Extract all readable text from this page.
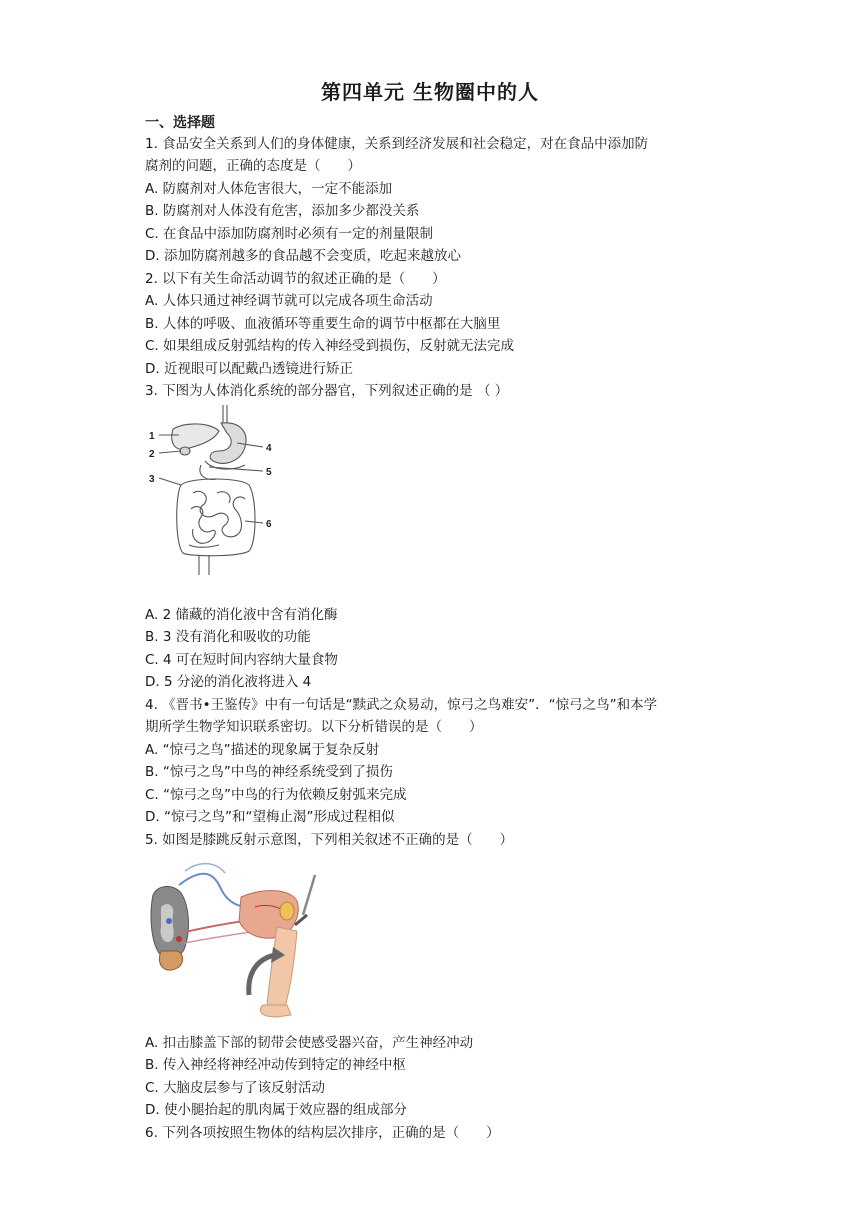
第四单元 生物圈中的人
一、选择题
1. 食品安全关系到人们的身体健康，关系到经济发展和社会稳定，对在食品中添加防
腐剂的问题，正确的态度是（　　）
A. 防腐剂对人体危害很大，一定不能添加
B. 防腐剂对人体没有危害，添加多少都没关系
C. 在食品中添加防腐剂时必须有一定的剂量限制
D. 添加防腐剂越多的食品越不会变质，吃起来越放心
2. 以下有关生命活动调节的叙述正确的是（　　）
A. 人体只通过神经调节就可以完成各项生命活动
B. 人体的呼吸、血液循环等重要生命的调节中枢都在大脑里
C. 如果组成反射弧结构的传入神经受到损伤，反射就无法完成
D. 近视眼可以配戴凸透镜进行矫正
3. 下图为人体消化系统的部分器官，下列叙述正确的是 （ ）
1
2
3
4
5
6
A. 2 储藏的消化液中含有消化酶
B. 3 没有消化和吸收的功能
C. 4 可在短时间内容纳大量食物
D. 5 分泌的消化液将进入 4
4. 《晋书•王鉴传》中有一句话是“黩武之众易动，惊弓之鸟难安”．“惊弓之鸟”和本学
期所学生物学知识联系密切。以下分析错误的是（　　）
A. “惊弓之鸟”描述的现象属于复杂反射
B. “惊弓之鸟”中鸟的神经系统受到了损伤
C. “惊弓之鸟”中鸟的行为依赖反射弧来完成
D. “惊弓之鸟”和“望梅止渴”形成过程相似
5. 如图是膝跳反射示意图，下列相关叙述不正确的是（　　）
A. 扣击膝盖下部的韧带会使感受器兴奋，产生神经冲动
B. 传入神经将神经冲动传到特定的神经中枢
C. 大脑皮层参与了该反射活动
D. 使小腿抬起的肌肉属于效应器的组成部分
6. 下列各项按照生物体的结构层次排序，正确的是（　　）
